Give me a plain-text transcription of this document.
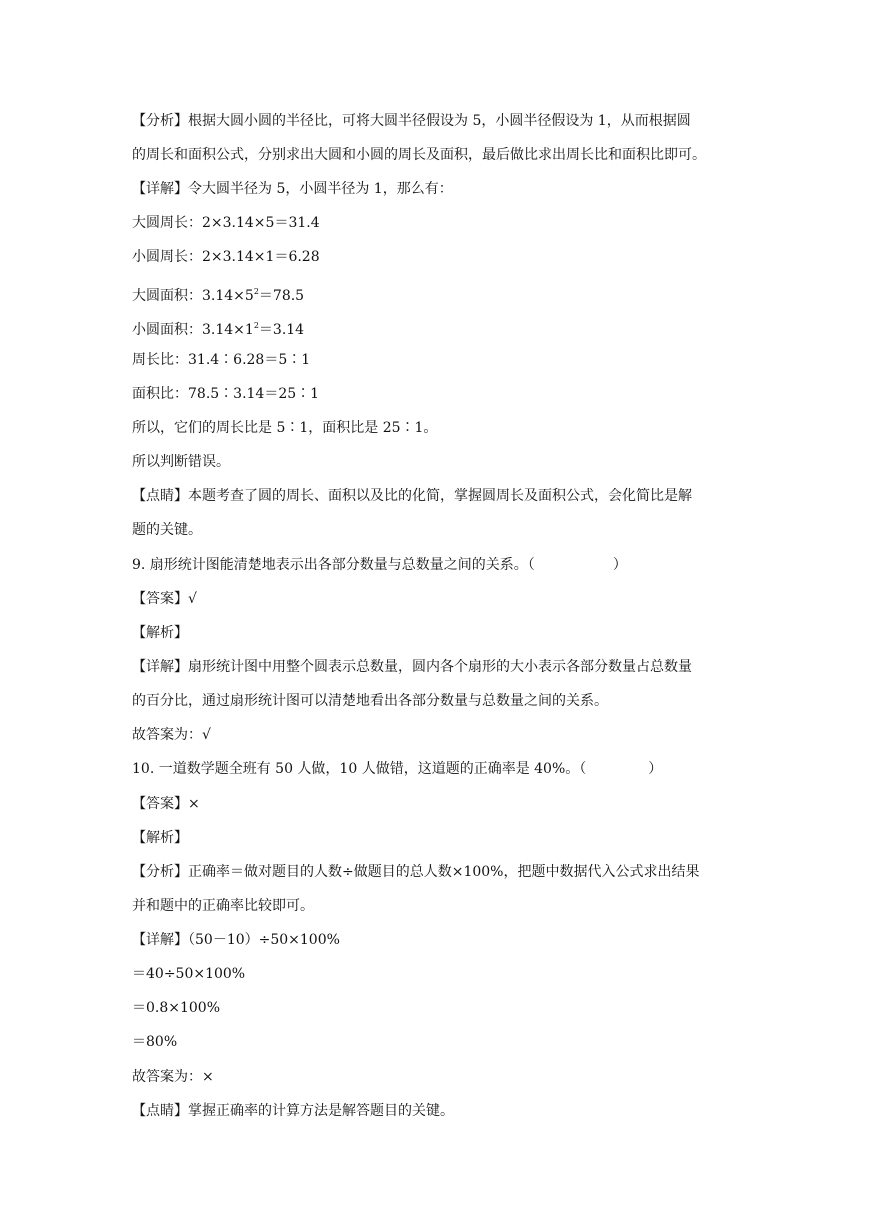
【分析】根据大圆小圆的半径比，可将大圆半径假设为 5，小圆半径假设为 1，从而根据圆
的周长和面积公式，分别求出大圆和小圆的周长及面积，最后做比求出周长比和面积比即可。
【详解】令大圆半径为 5，小圆半径为 1，那么有：
大圆周长：2×3.14×5＝31.4
小圆周长：2×3.14×1＝6.28
大圆面积：$3.14\times 5^2=78.5$
小圆面积：$3.14\times 1^2=3.14$
周长比：31.4∶6.28＝5∶1
面积比：78.5∶3.14＝25∶1
所以，它们的周长比是 5∶1，面积比是 25∶1。
所以判断错误。
【点睛】本题考查了圆的周长、面积以及比的化简，掌握圆周长及面积公式，会化简比是解
题的关键。
9. 扇形统计图能清楚地表示出各部分数量与总数量之间的关系。（	）
【答案】√
【解析】
【详解】扇形统计图中用整个圆表示总数量，圆内各个扇形的大小表示各部分数量占总数量
的百分比，通过扇形统计图可以清楚地看出各部分数量与总数量之间的关系。
故答案为：√
10. 一道数学题全班有 50 人做，10 人做错，这道题的正确率是 40%。（	）
【答案】×
【解析】
【分析】正确率＝做对题目的人数÷做题目的总人数×100%，把题中数据代入公式求出结果
并和题中的正确率比较即可。
【详解】（50－10）÷50×100%
＝40÷50×100%
＝0.8×100%
＝80%
故答案为：×
【点睛】掌握正确率的计算方法是解答题目的关键。
